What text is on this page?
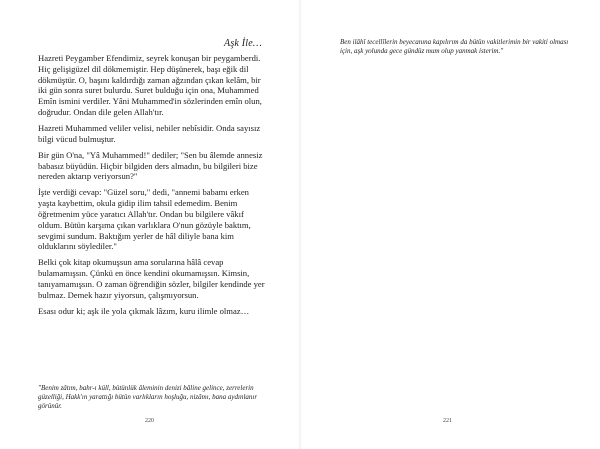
Aşk İle…

Hazreti Peygamber Efendimiz, seyrek konuşan bir peygamberdi. Hiç gelişigüzel dil dökmemiştir. Hep düşünerek, başı eğik dil dökmüştür. O, başını kaldırdığı zaman ağzından çıkan kelâm, bir iki gün sonra suret bulurdu. Suret bulduğu için ona, Muhammed Emîn ismini verdiler. Yâni Muhammed'in sözlerinden emîn olun, doğrudur. Ondan dile gelen Allah'tır.

Hazreti Muhammed veliler velisi, nebiler nebîsidir. Onda sayısız bilgi vücud bulmuştur.

Bir gün O'na, "Yâ Muhammed!" dediler; "Sen bu âlemde annesiz babasız büyüdün. Hiçbir bilgiden ders almadın, bu bilgileri bize nereden aktarıp veriyorsun?"

İşte verdiği cevap: "Güzel soru," dedi, "annemi babamı erken yaşta kaybettim, okula gidip ilim tahsil edemedim. Benim öğretmenim yüce yaratıcı Allah'tır. Ondan bu bilgilere vâkıf oldum. Bütün karşıma çıkan varlıklara O'nun gözüyle baktım, sevgimi sundum. Baktığım yerler de hâl diliyle bana kim olduklarını söylediler."

Belki çok kitap okumuşsun ama sorularına hâlâ cevap bulamamışsın. Çünkü en önce kendini okumamışsın. Kimsin, tanıyamamışsın. O zaman öğrendiğin sözler, bilgiler kendinde yer bulmaz. Demek hazır yiyorsun, çalışmıyorsun.

Esası odur ki; aşk ile yola çıkmak lâzım, kuru ilimle olmaz…

"Benim zâtım, bahr-ı küll, bütünlük âleminin denizi bâline gelince, zerrelerin güzelliği, Hakk'ın yarattığı bütün varlıkların hoşluğu, nizâmı, bana aydınlanır görünür.
220
Ben ilâhî tecellîlerin beyecanına kapılırım da bütün vakitlerimin bir vakiti olması için, aşk yolunda gece gündüz mum olup yanmak isterim."
221
